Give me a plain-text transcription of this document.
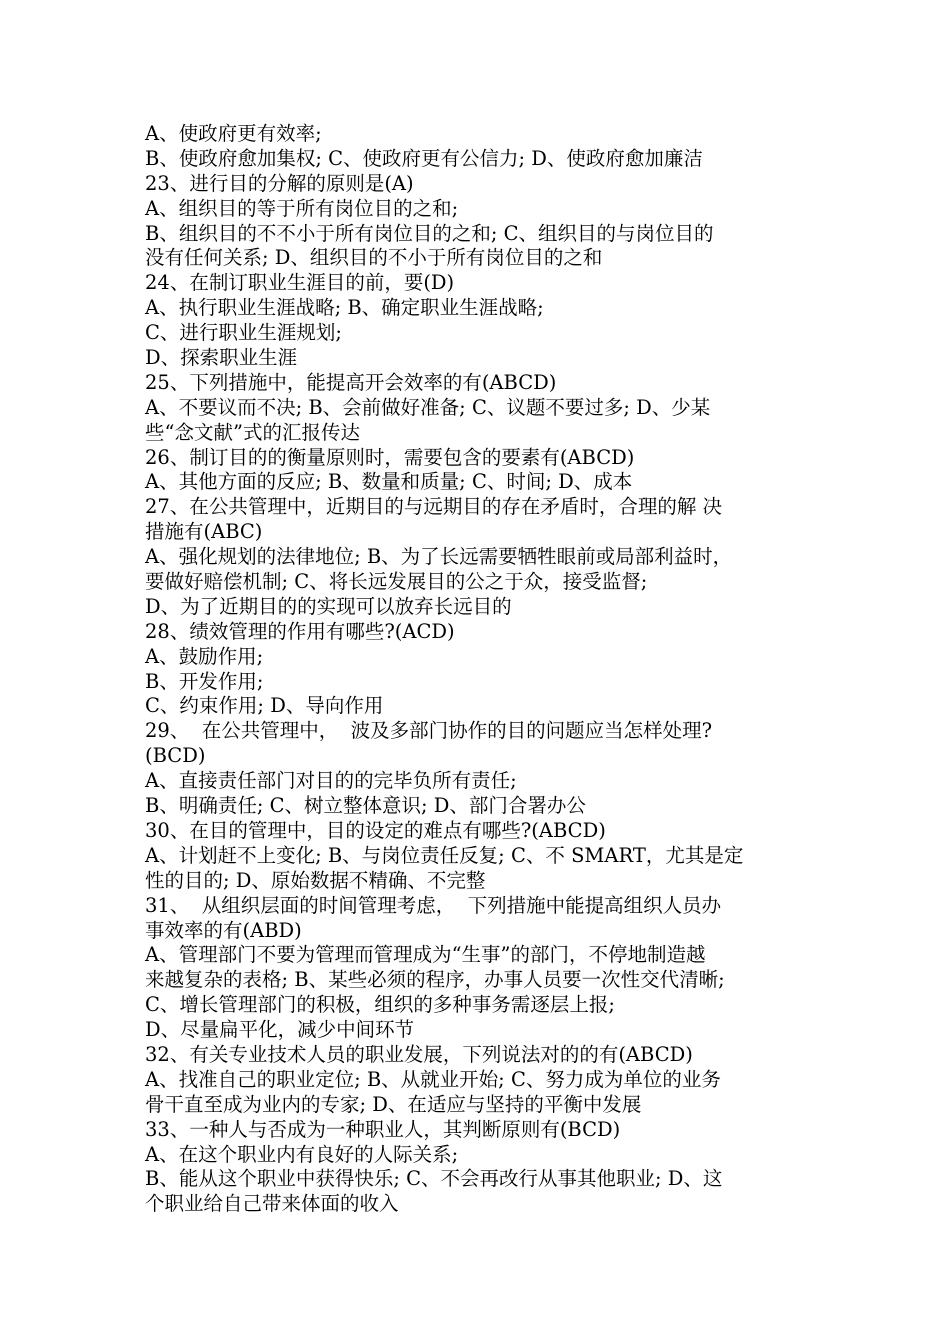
A、使政府更有效率;
B、使政府愈加集权; C、使政府更有公信力; D、使政府愈加廉洁
23、进行目的分解的原则是(A)
A、组织目的等于所有岗位目的之和;
B、组织目的不不小于所有岗位目的之和; C、组织目的与岗位目的
没有任何关系; D、组织目的不小于所有岗位目的之和
24、在制订职业生涯目的前，要(D)
A、执行职业生涯战略; B、确定职业生涯战略;
C、进行职业生涯规划;
D、探索职业生涯
25、下列措施中，能提高开会效率的有(ABCD)
A、不要议而不决; B、会前做好准备; C、议题不要过多; D、少某
些“念文献”式的汇报传达
26、制订目的的衡量原则时，需要包含的要素有(ABCD)
A、其他方面的反应; B、数量和质量; C、时间; D、成本
27、在公共管理中，近期目的与远期目的存在矛盾时，合理的解 决
措施有(ABC)
A、强化规划的法律地位; B、为了长远需要牺牲眼前或局部利益时，
要做好赔偿机制; C、将长远发展目的公之于众，接受监督;
D、为了近期目的的实现可以放弃长远目的
28、绩效管理的作用有哪些?(ACD)
A、鼓励作用;
B、开发作用;
C、约束作用; D、导向作用
29、  在公共管理中，  波及多部门协作的目的问题应当怎样处理?
(BCD)
A、直接责任部门对目的的完毕负所有责任;
B、明确责任; C、树立整体意识; D、部门合署办公
30、在目的管理中，目的设定的难点有哪些?(ABCD)
A、计划赶不上变化; B、与岗位责任反复; C、不 SMART，尤其是定
性的目的; D、原始数据不精确、不完整
31、  从组织层面的时间管理考虑，  下列措施中能提高组织人员办
事效率的有(ABD)
A、管理部门不要为管理而管理成为“生事”的部门，不停地制造越
来越复杂的表格; B、某些必须的程序，办事人员要一次性交代清晰;
C、增长管理部门的积极，组织的多种事务需逐层上报;
D、尽量扁平化，减少中间环节
32、有关专业技术人员的职业发展，下列说法对的的有(ABCD)
A、找准自己的职业定位; B、从就业开始; C、努力成为单位的业务
骨干直至成为业内的专家; D、在适应与坚持的平衡中发展
33、一种人与否成为一种职业人，其判断原则有(BCD)
A、在这个职业内有良好的人际关系;
B、能从这个职业中获得快乐; C、不会再改行从事其他职业; D、这
个职业给自己带来体面的收入
